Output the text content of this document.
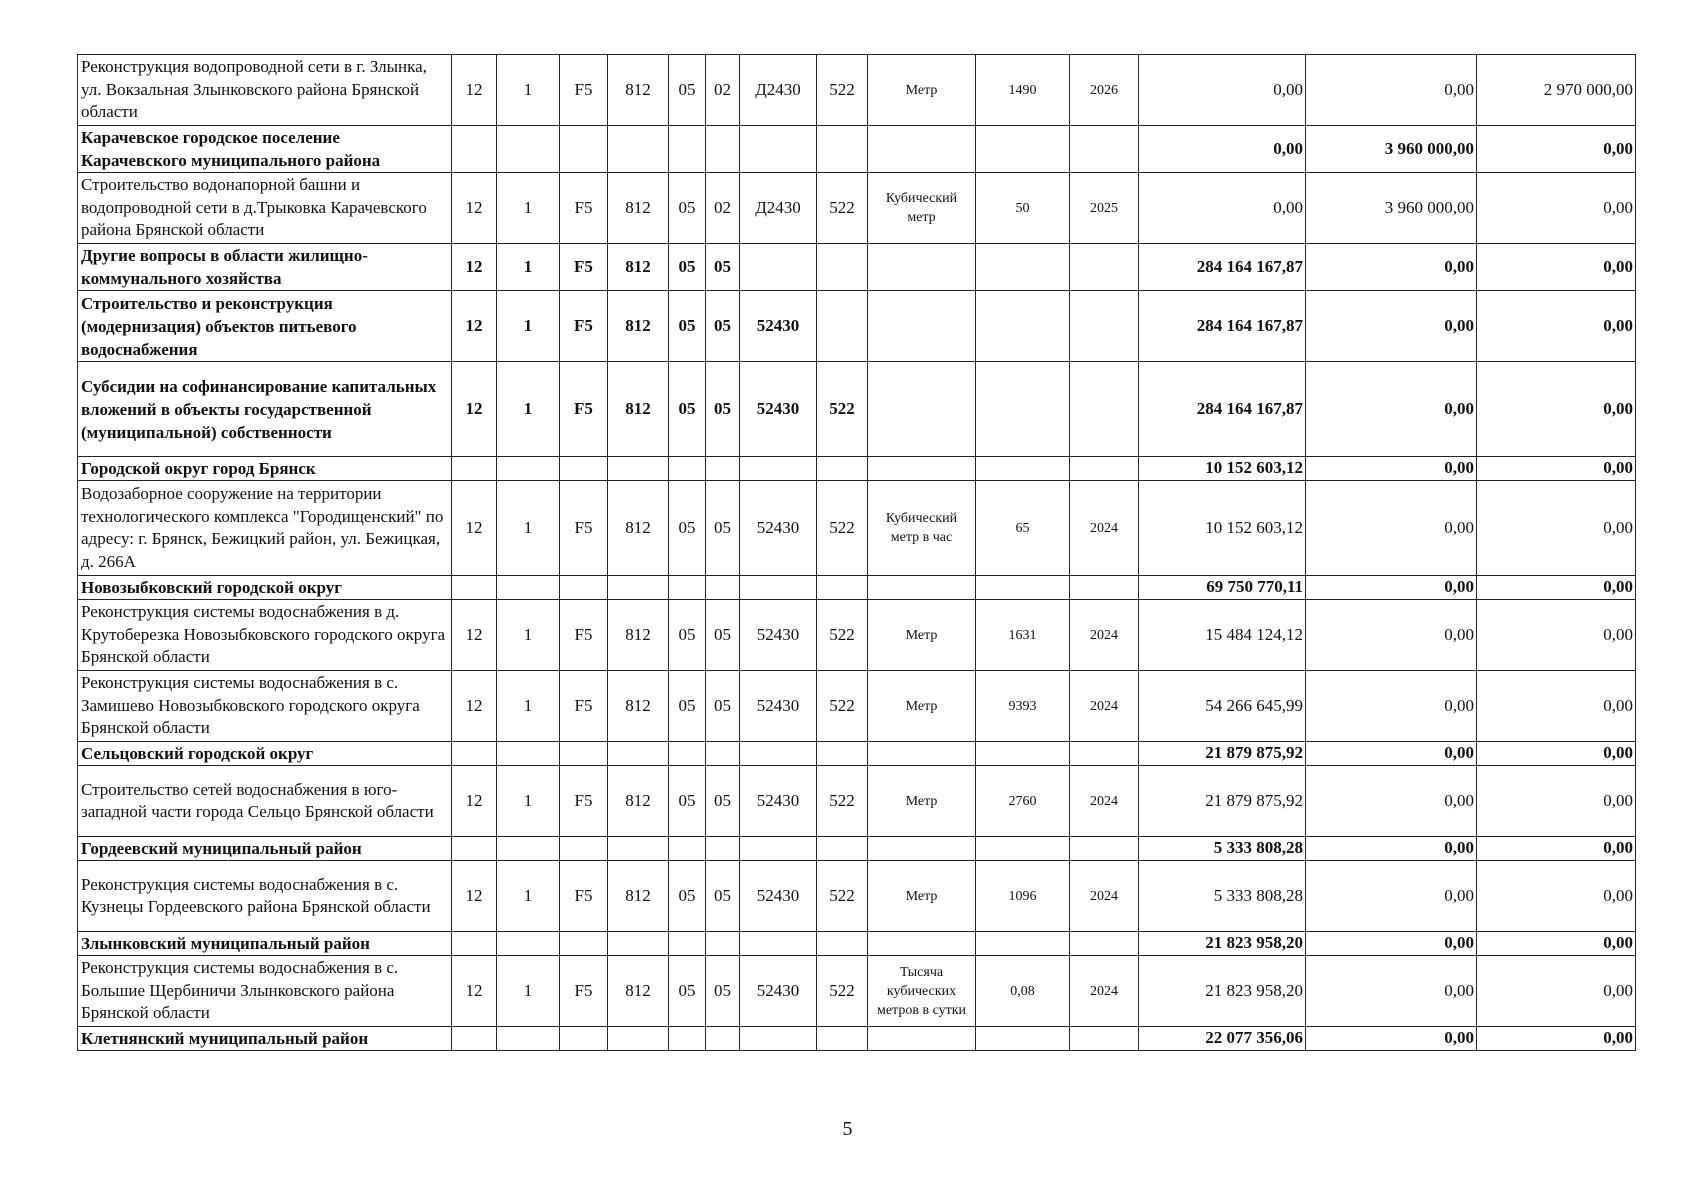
Реконструкция водопроводной сети в г. Злынка, ул. Вокзальная Злынковского района Брянской области	12	1	F5	812	05	02	Д2430	522	Метр	1490	2026	0,00	0,00	2 970 000,00
Карачевское городское поселение Карачевского муниципального района												0,00	3 960 000,00	0,00
Строительство водонапорной башни и водопроводной сети в д.Трыковка Карачевского района Брянской области	12	1	F5	812	05	02	Д2430	522	Кубический метр	50	2025	0,00	3 960 000,00	0,00
Другие вопросы в области жилищно-коммунального хозяйства	12	1	F5	812	05	05						284 164 167,87	0,00	0,00
Строительство и реконструкция (модернизация) объектов питьевого водоснабжения	12	1	F5	812	05	05	52430					284 164 167,87	0,00	0,00
Субсидии на софинансирование капитальных вложений в объекты государственной (муниципальной) собственности	12	1	F5	812	05	05	52430	522				284 164 167,87	0,00	0,00
Городской округ город Брянск												10 152 603,12	0,00	0,00
Водозаборное сооружение на территории технологического комплекса "Городищенский" по адресу: г. Брянск, Бежицкий район, ул. Бежицкая, д. 266А	12	1	F5	812	05	05	52430	522	Кубический метр в час	65	2024	10 152 603,12	0,00	0,00
Новозыбковский городской округ												69 750 770,11	0,00	0,00
Реконструкция системы водоснабжения в д. Крутоберезка Новозыбковского городского округа Брянской области	12	1	F5	812	05	05	52430	522	Метр	1631	2024	15 484 124,12	0,00	0,00
Реконструкция системы водоснабжения в с. Замишево Новозыбковского городского округа Брянской области	12	1	F5	812	05	05	52430	522	Метр	9393	2024	54 266 645,99	0,00	0,00
Сельцовский городской округ												21 879 875,92	0,00	0,00
Строительство сетей водоснабжения в юго-западной части города Сельцо Брянской области	12	1	F5	812	05	05	52430	522	Метр	2760	2024	21 879 875,92	0,00	0,00
Гордеевский муниципальный район												5 333 808,28	0,00	0,00
Реконструкция системы водоснабжения в с. Кузнецы Гордеевского района Брянской области	12	1	F5	812	05	05	52430	522	Метр	1096	2024	5 333 808,28	0,00	0,00
Злынковский муниципальный район												21 823 958,20	0,00	0,00
Реконструкция системы водоснабжения в с. Большие Щербиничи Злынковского района Брянской области	12	1	F5	812	05	05	52430	522	Тысяча кубических метров в сутки	0,08	2024	21 823 958,20	0,00	0,00
Клетнянский муниципальный район												22 077 356,06	0,00	0,00
5
